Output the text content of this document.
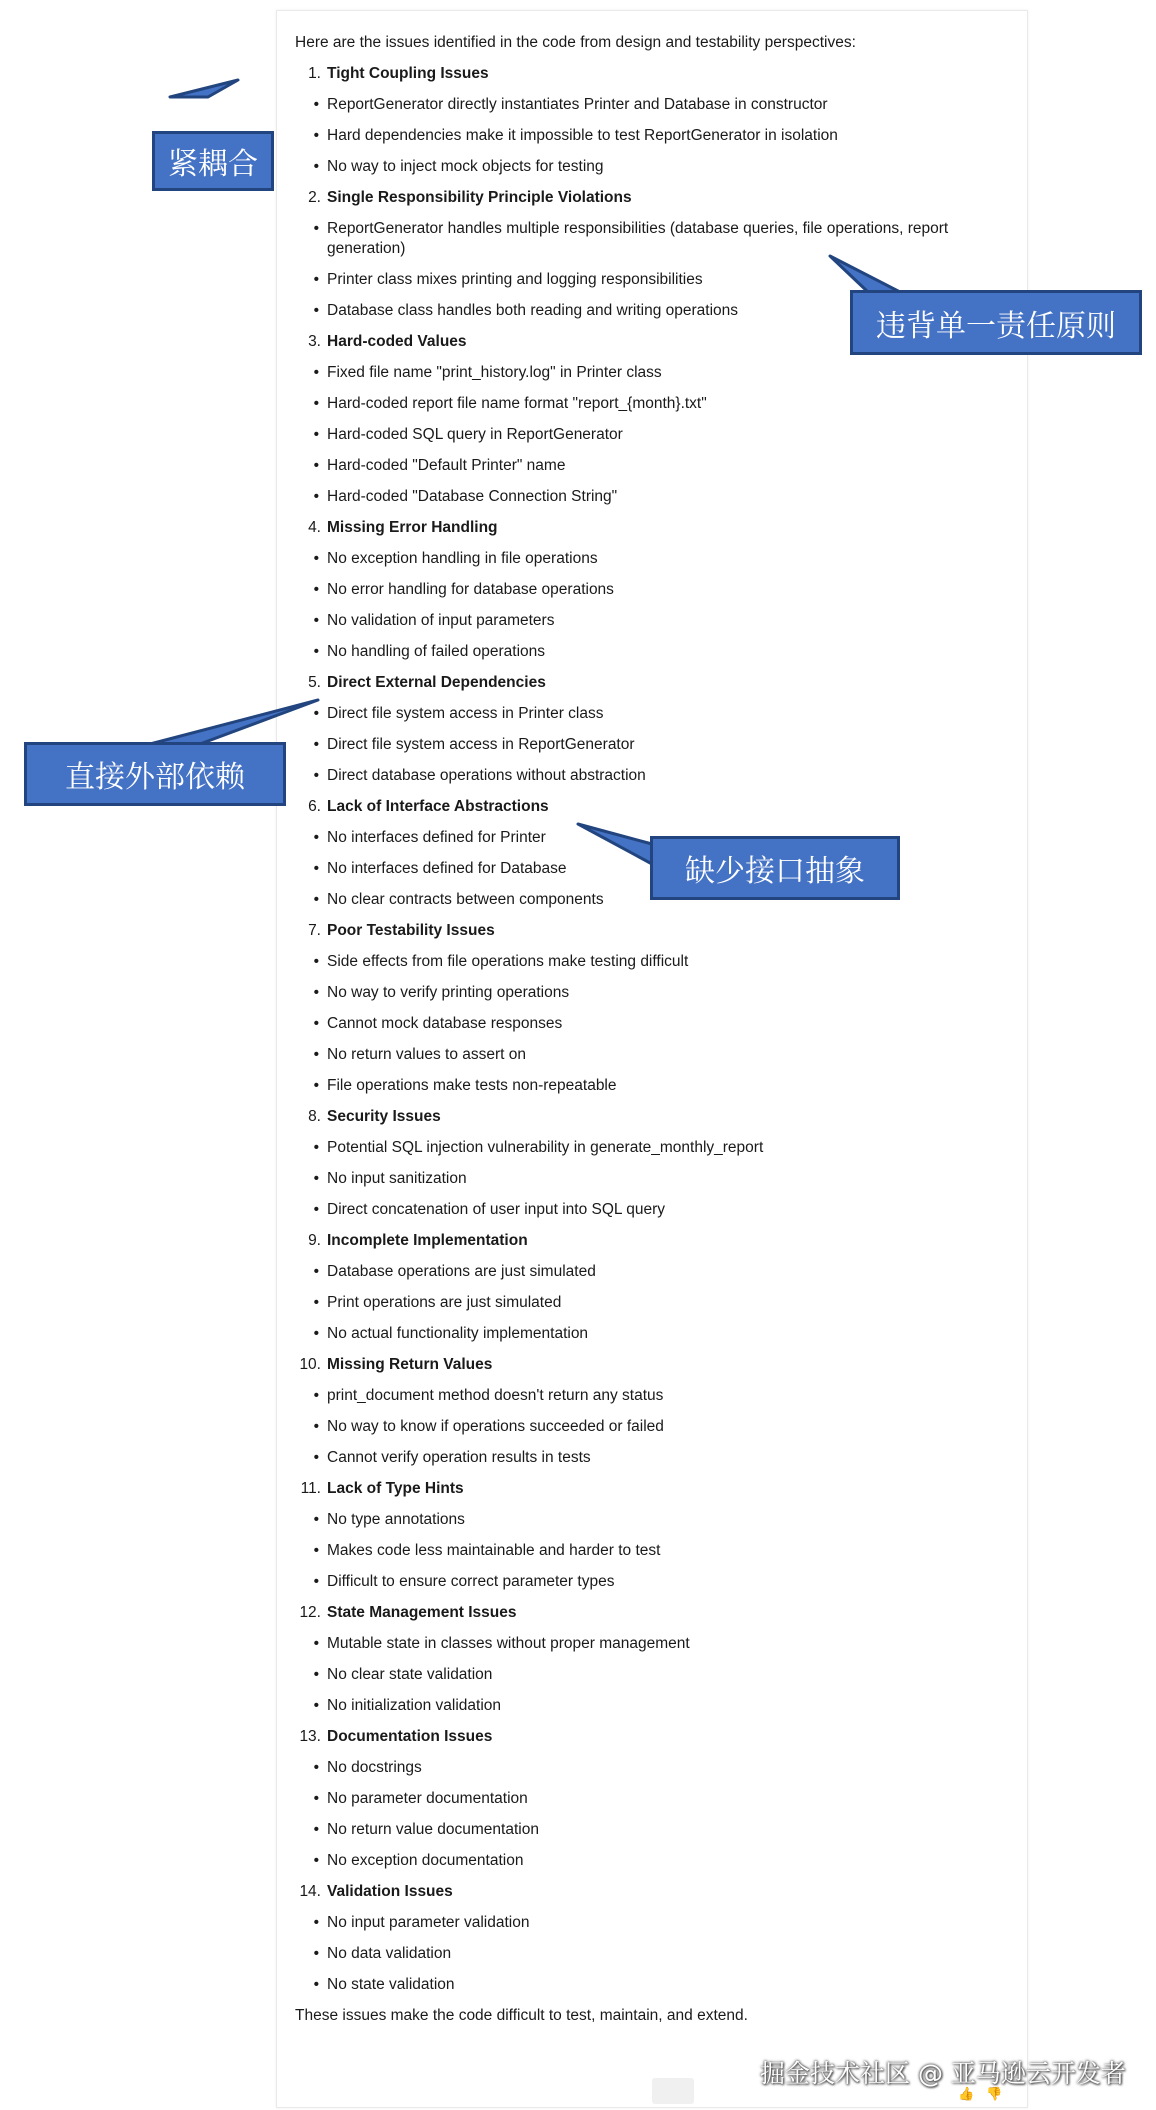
Here are the issues identified in the code from design and testability perspectives:
1. Tight Coupling Issues
• ReportGenerator directly instantiates Printer and Database in constructor
• Hard dependencies make it impossible to test ReportGenerator in isolation
• No way to inject mock objects for testing
2. Single Responsibility Principle Violations
• ReportGenerator handles multiple responsibilities (database queries, file operations, report generation)
• Printer class mixes printing and logging responsibilities
• Database class handles both reading and writing operations
3. Hard-coded Values
• Fixed file name "print_history.log" in Printer class
• Hard-coded report file name format "report_{month}.txt"
• Hard-coded SQL query in ReportGenerator
• Hard-coded "Default Printer" name
• Hard-coded "Database Connection String"
4. Missing Error Handling
• No exception handling in file operations
• No error handling for database operations
• No validation of input parameters
• No handling of failed operations
5. Direct External Dependencies
• Direct file system access in Printer class
• Direct file system access in ReportGenerator
• Direct database operations without abstraction
6. Lack of Interface Abstractions
• No interfaces defined for Printer
• No interfaces defined for Database
• No clear contracts between components
7. Poor Testability Issues
• Side effects from file operations make testing difficult
• No way to verify printing operations
• Cannot mock database responses
• No return values to assert on
• File operations make tests non-repeatable
8. Security Issues
• Potential SQL injection vulnerability in generate_monthly_report
• No input sanitization
• Direct concatenation of user input into SQL query
9. Incomplete Implementation
• Database operations are just simulated
• Print operations are just simulated
• No actual functionality implementation
10. Missing Return Values
• print_document method doesn't return any status
• No way to know if operations succeeded or failed
• Cannot verify operation results in tests
11. Lack of Type Hints
• No type annotations
• Makes code less maintainable and harder to test
• Difficult to ensure correct parameter types
12. State Management Issues
• Mutable state in classes without proper management
• No clear state validation
• No initialization validation
13. Documentation Issues
• No docstrings
• No parameter documentation
• No return value documentation
• No exception documentation
14. Validation Issues
• No input parameter validation
• No data validation
• No state validation
These issues make the code difficult to test, maintain, and extend.
紧耦合
违背单一责任原则
直接外部依赖
缺少接口抽象
👍 👎
掘金技术社区 @ 亚马逊云开发者
